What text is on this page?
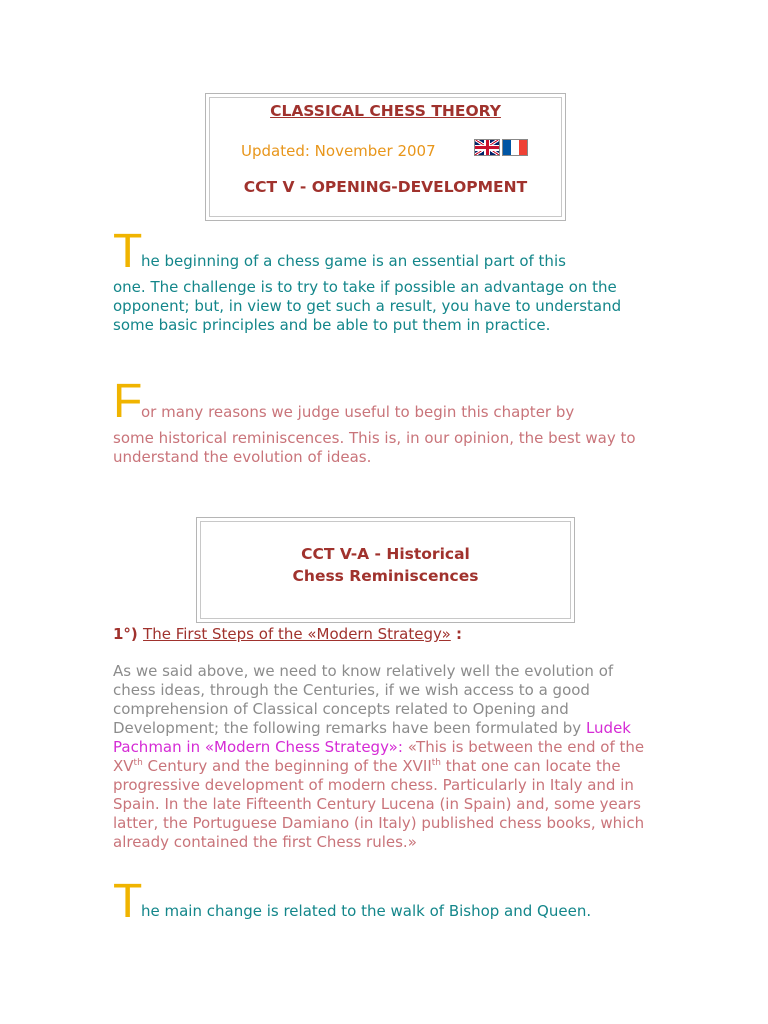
CLASSICAL CHESS THEORY
Updated: November 2007
CCT V - OPENING-DEVELOPMENT
T
he beginning of a chess game is an essential part of this
one. The challenge is to try to take if possible an advantage on the opponent; but, in view to get such a result, you have to understand some basic principles and be able to put them in practice.
F
or many reasons we judge useful to begin this chapter by
some historical reminiscences. This is, in our opinion, the best way to understand the evolution of ideas.
CCT V-A - Historical
Chess Reminiscences
1°) The First Steps of the «Modern Strategy» :
As we said above, we need to know relatively well the evolution of chess ideas, through the Centuries, if we wish access to a good comprehension of Classical concepts related to Opening and Development; the following remarks have been formulated by Ludek Pachman in «Modern Chess Strategy»: «This is between the end of the XVth Century and the beginning of the XVIIth that one can locate the progressive development of modern chess. Particularly in Italy and in Spain. In the late Fifteenth Century Lucena (in Spain) and, some years latter, the Portuguese Damiano (in Italy) published chess books, which already contained the first Chess rules.»
T
he main change is related to the walk of Bishop and Queen.
